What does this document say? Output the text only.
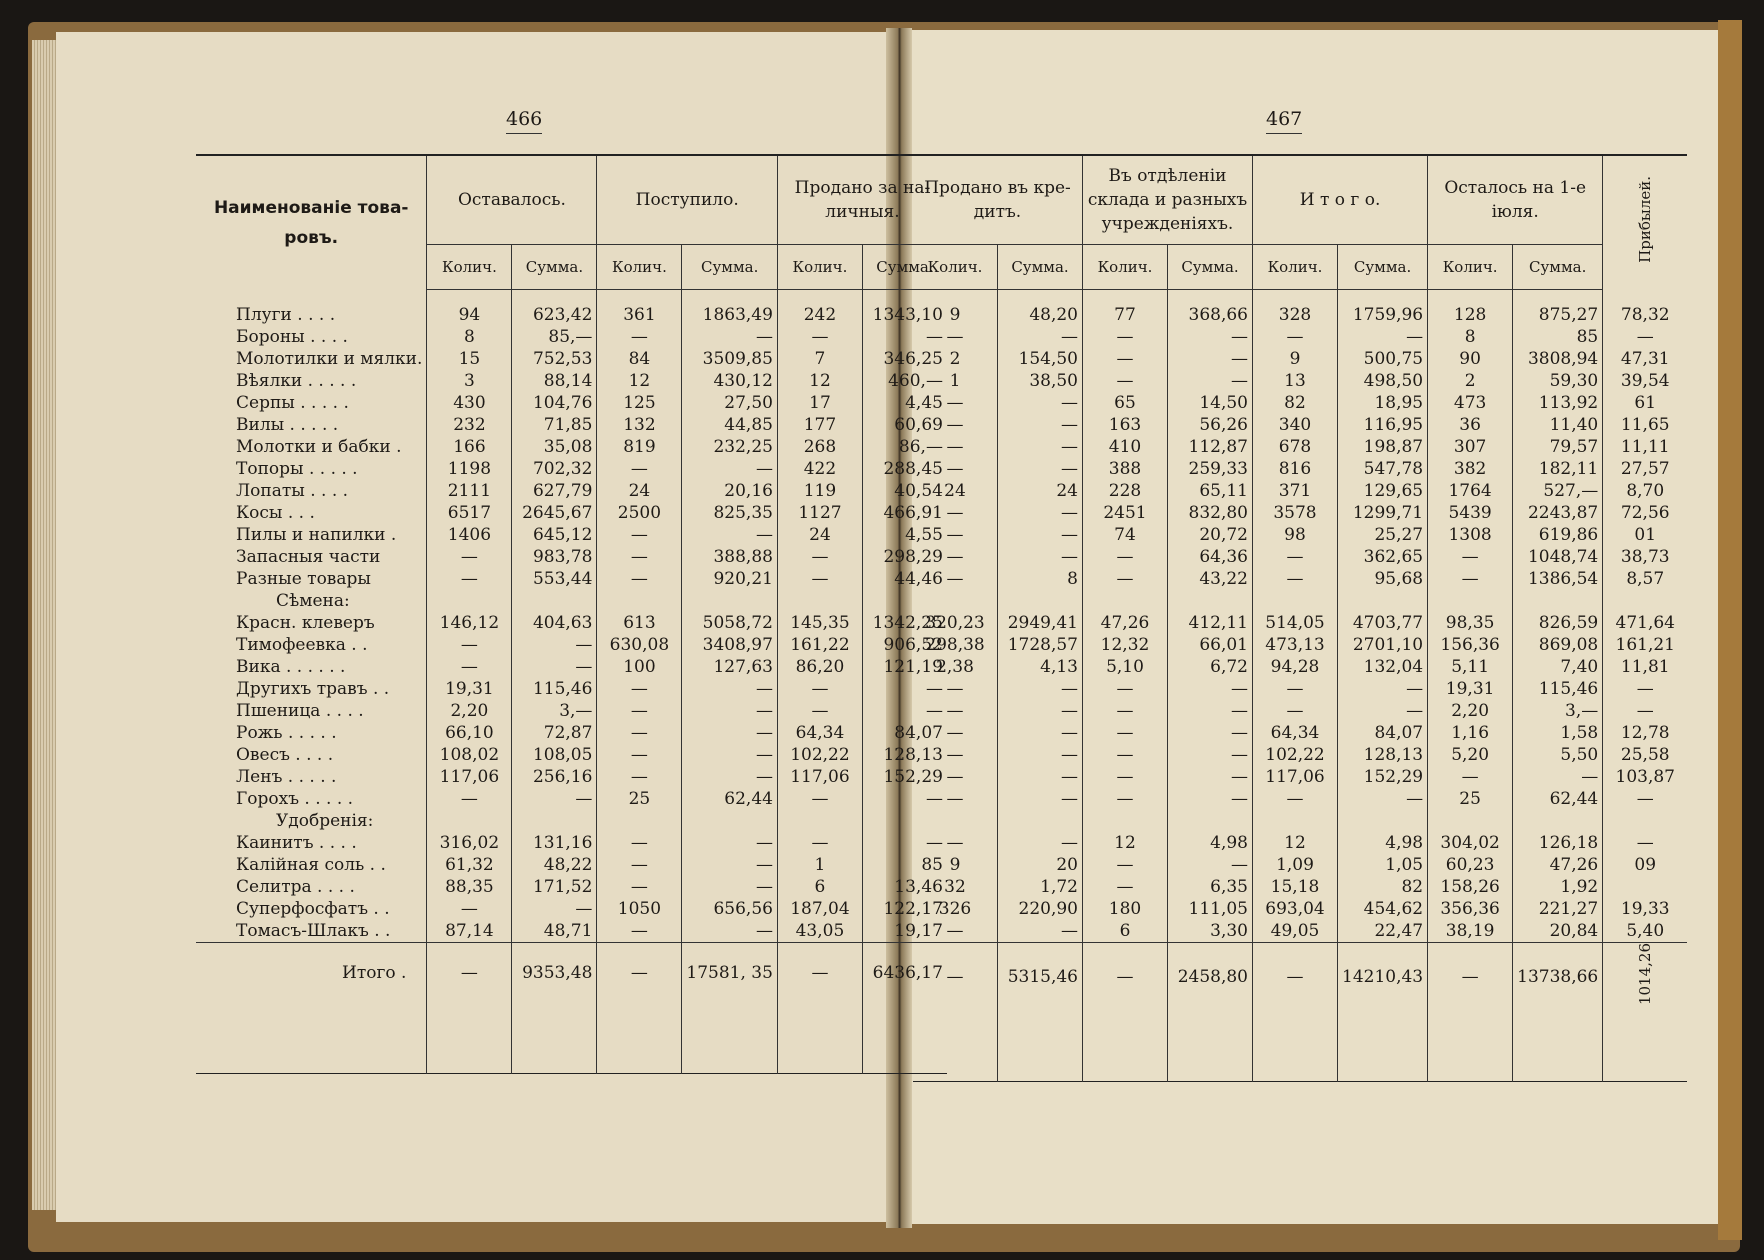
466	467
Наименованіе това-ровъ.	Оставалось.		Поступило.		Продано за на-личныя.	
	Колич.	Сумма.	Колич.	Сумма.	Колич.	Сумма.

Плуги . . . .	94	623,42	361	1863,49	242	1343,10
Бороны . . . .	8	85,—	—	—	—	—
Молотилки и мялки.	15	752,53	84	3509,85	7	346,25
Вѣялки . . . . .	3	88,14	12	430,12	12	460,—
Серпы . . . . .	430	104,76	125	27,50	17	4,45
Вилы . . . . .	232	71,85	132	44,85	177	60,69
Молотки и бабки .	166	35,08	819	232,25	268	86,—
Топоры . . . . .	1198	702,32	—	—	422	288,45
Лопаты . . . .	2111	627,79	24	20,16	119	40,54
Косы . . .	6517	2645,67	2500	825,35	1127	466,91
Пилы и напилки .	1406	645,12	—	—	24	4,55
Запасныя части	—	983,78	—	388,88	—	298,29
Разные товары	—	553,44	—	920,21	—	44,46
Сѣмена:						
Красн. клеверъ	146,12	404,63	613	5058,72	145,35	1342,25
Тимофеевка . .	—	—	630,08	3408,97	161,22	906,52
Вика . . . . . .	—	—	100	127,63	86,20	121,19
Другихъ травъ . .	19,31	115,46	—	—	—	—
Пшеница . . . .	2,20	3,—	—	—	—	—
Рожь . . . . .	66,10	72,87	—	—	64,34	84,07
Овесъ . . . .	108,02	108,05	—	—	102,22	128,13
Ленъ . . . . .	117,06	256,16	—	—	117,06	152,29
Горохъ . . . . .	—	—	25	62,44	—	—
Удобренія:						
Каинитъ . . . .	316,02	131,16	—	—	—	—
Калійная соль . .	61,32	48,22	—	—	1	85
Селитра . . . .	88,35	171,52	—	—	6	13,46
Суперфосфатъ . .	—	—	1050	656,56	187,04	122,17
Томасъ-Шлакъ . .	87,14	48,71	—	—	43,05	19,17
Итого .	—	9353,48	—	17581, 35	—	6436,17

Продано въ кре-дитъ.		Въ отдѣленіи склада и разныхъ учрежденіяхъ.		И т о г о.		Осталось на 1-е іюля.		Прибылей.
Колич.	Сумма.	Колич.	Сумма.	Колич.	Сумма.	Колич.	Сумма.	

9	48,20	77	368,66	328	1759,96	128	875,27	78,32
—	—	—	—	—	—	8	85	—
2	154,50	—	—	9	500,75	90	3808,94	47,31
1	38,50	—	—	13	498,50	2	59,30	39,54
—	—	65	14,50	82	18,95	473	113,92	61
—	—	163	56,26	340	116,95	36	11,40	11,65
—	—	410	112,87	678	198,87	307	79,57	11,11
—	—	388	259,33	816	547,78	382	182,11	27,57
24	24	228	65,11	371	129,65	1764	527,—	8,70
—	—	2451	832,80	3578	1299,71	5439	2243,87	72,56
—	—	74	20,72	98	25,27	1308	619,86	01
—	—	—	64,36	—	362,65	—	1048,74	38,73
—	8	—	43,22	—	95,68	—	1386,54	8,57

320,23	2949,41	47,26	412,11	514,05	4703,77	98,35	826,59	471,64
298,38	1728,57	12,32	66,01	473,13	2701,10	156,36	869,08	161,21
2,38	4,13	5,10	6,72	94,28	132,04	5,11	7,40	11,81
—	—	—	—	—	—	19,31	115,46	—
—	—	—	—	—	—	2,20	3,—	—
—	—	—	—	64,34	84,07	1,16	1,58	12,78
—	—	—	—	102,22	128,13	5,20	5,50	25,58
—	—	—	—	117,06	152,29	—	—	103,87
—	—	—	—	—	—	25	62,44	—

—	—	12	4,98	12	4,98	304,02	126,18	—
9	20	—	—	1,09	1,05	60,23	47,26	09
32	1,72	—	6,35	15,18	82	158,26	1,92	
326	220,90	180	111,05	693,04	454,62	356,36	221,27	19,33
—	—	6	3,30	49,05	22,47	38,19	20,84	5,40
—	5315,46	—	2458,80	—	14210,43	—	13738,66	1014,26
